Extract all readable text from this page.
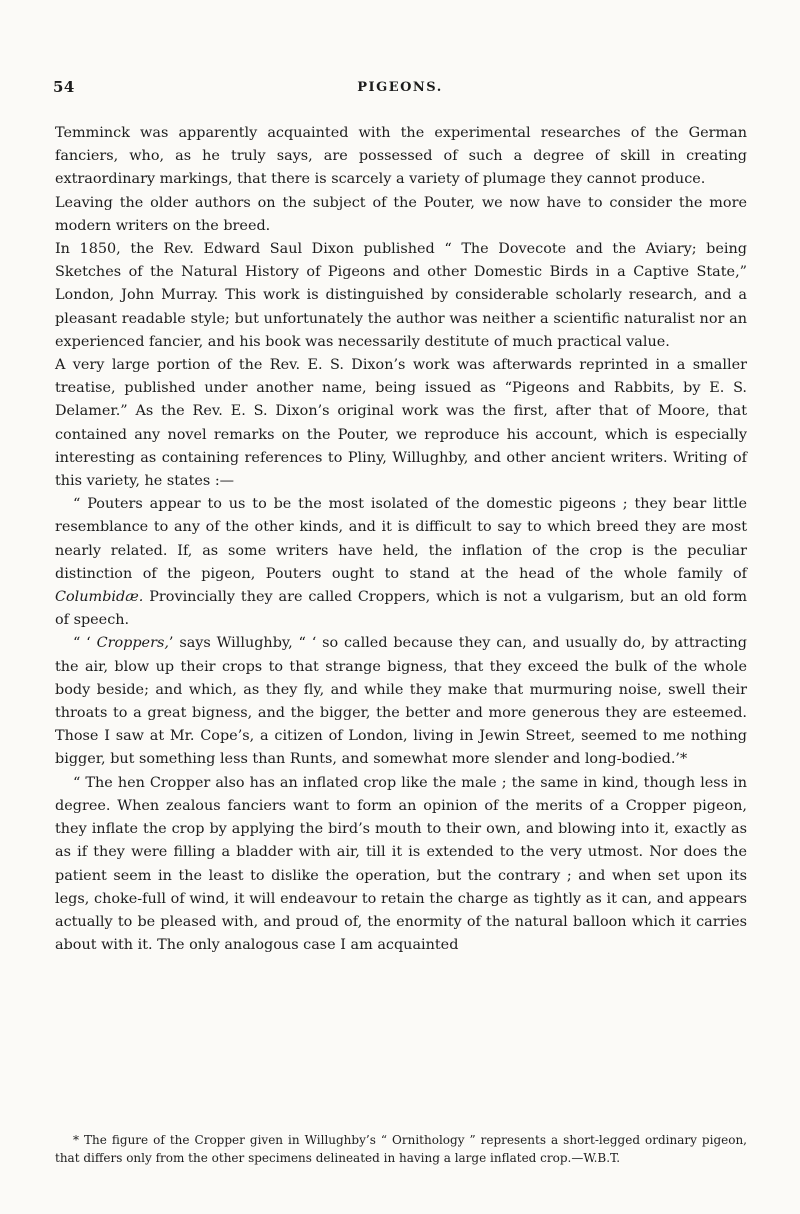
54	PIGEONS.

Temminck was apparently acquainted with the experimental researches of the German fanciers, who, as he truly says, are possessed of such a degree of skill in creating extraordinary markings, that there is scarcely a variety of plumage they cannot produce.

Leaving the older authors on the subject of the Pouter, we now have to consider the more modern writers on the breed.

In 1850, the Rev. Edward Saul Dixon published “ The Dovecote and the Aviary; being Sketches of the Natural History of Pigeons and other Domestic Birds in a Captive State,” London, John Murray. This work is distinguished by considerable scholarly research, and a pleasant readable style; but unfortunately the author was neither a scientific naturalist nor an experienced fancier, and his book was necessarily destitute of much practical value.

A very large portion of the Rev. E. S. Dixon’s work was afterwards reprinted in a smaller treatise, published under another name, being issued as “Pigeons and Rabbits, by E. S. Delamer.” As the Rev. E. S. Dixon’s original work was the first, after that of Moore, that contained any novel remarks on the Pouter, we reproduce his account, which is especially interesting as containing references to Pliny, Willughby, and other ancient writers. Writing of this variety, he states :—

“ Pouters appear to us to be the most isolated of the domestic pigeons ; they bear little resemblance to any of the other kinds, and it is difficult to say to which breed they are most nearly related. If, as some writers have held, the inflation of the crop is the peculiar distinction of the pigeon, Pouters ought to stand at the head of the whole family of Columbidæ. Provincially they are called Croppers, which is not a vulgarism, but an old form of speech.

“ ‘ Croppers,’ says Willughby, “ ‘ so called because they can, and usually do, by attracting the air, blow up their crops to that strange bigness, that they exceed the bulk of the whole body beside; and which, as they fly, and while they make that murmuring noise, swell their throats to a great bigness, and the bigger, the better and more generous they are esteemed. Those I saw at Mr. Cope’s, a citizen of London, living in Jewin Street, seemed to me nothing bigger, but something less than Runts, and somewhat more slender and long-bodied.’*

“ The hen Cropper also has an inflated crop like the male ; the same in kind, though less in degree. When zealous fanciers want to form an opinion of the merits of a Cropper pigeon, they inflate the crop by applying the bird’s mouth to their own, and blowing into it, exactly as as if they were filling a bladder with air, till it is extended to the very utmost. Nor does the patient seem in the least to dislike the operation, but the contrary ; and when set upon its legs, choke-full of wind, it will endeavour to retain the charge as tightly as it can, and appears actually to be pleased with, and proud of, the enormity of the natural balloon which it carries about with it. The only analogous case I am acquainted

* The figure of the Cropper given in Willughby’s “ Ornithology ” represents a short-legged ordinary pigeon, that differs only from the other specimens delineated in having a large inflated crop.—W.B.T.
